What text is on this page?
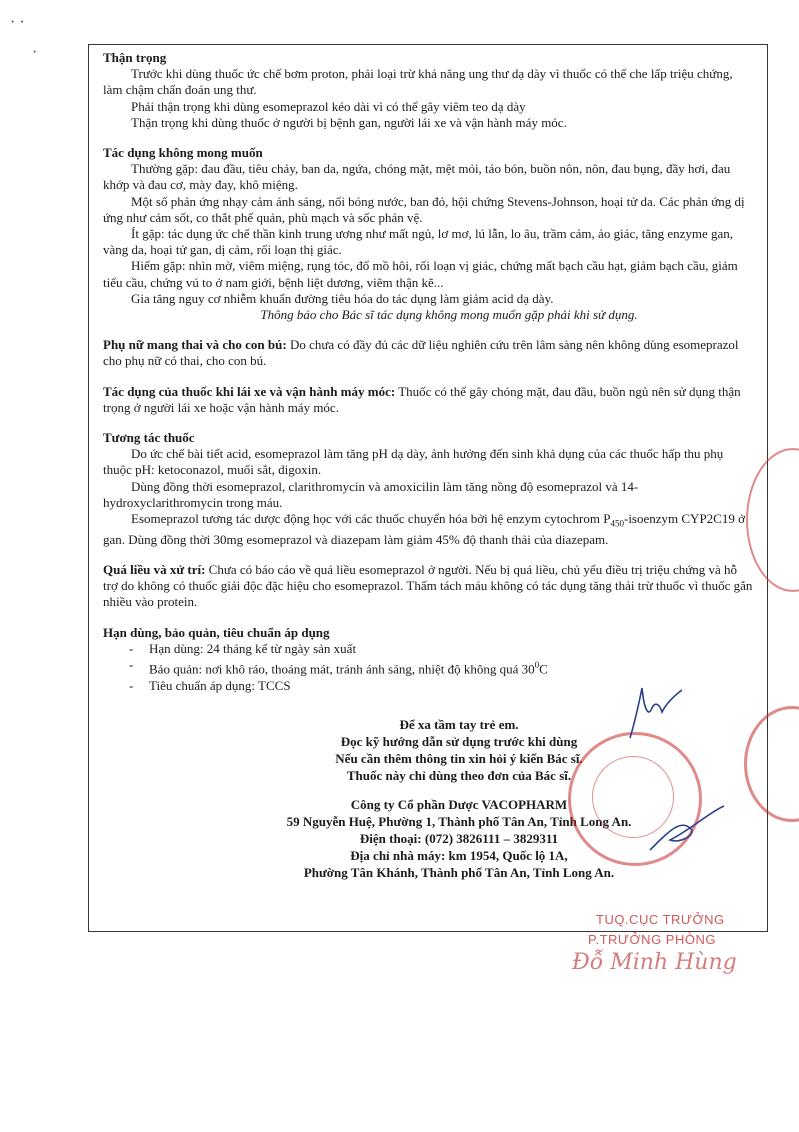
· ·
·	Thận trọng

Trước khi dùng thuốc ức chế bơm proton, phải loại trừ khả năng ung thư dạ dày vì thuốc có thể che lấp triệu chứng, làm chậm chẩn đoán ung thư.

Phải thận trọng khi dùng esomeprazol kéo dài vì có thể gây viêm teo dạ dày

Thận trọng khi dùng thuốc ở người bị bệnh gan, người lái xe và vận hành máy móc.

Tác dụng không mong muốn

Thường gặp: đau đầu, tiêu chảy, ban da, ngứa, chóng mặt, mệt mỏi, táo bón, buồn nôn, nôn, đau bụng, đầy hơi, đau khớp và đau cơ, mày đay, khô miệng.

Một số phản ứng nhạy cảm ánh sáng, nổi bóng nước, ban đỏ, hội chứng Stevens-Johnson, hoại tử da. Các phản ứng dị ứng như cảm sốt, co thắt phế quản, phù mạch và sốc phản vệ.

Ít gặp: tác dụng ức chế thần kinh trung ương như mất ngủ, lơ mơ, lú lẫn, lo âu, trầm cảm, ảo giác, tăng enzyme gan, vàng da, hoại tử gan, dị cảm, rối loạn thị giác.

Hiếm gặp: nhìn mờ, viêm miệng, rụng tóc, đổ mồ hôi, rối loạn vị giác, chứng mất bạch cầu hạt, giảm bạch cầu, giảm tiểu cầu, chứng vú to ở nam giới, bệnh liệt dương, viêm thận kẽ...

Gia tăng nguy cơ nhiễm khuẩn đường tiêu hóa do tác dụng làm giảm acid dạ dày.

Thông báo cho Bác sĩ tác dụng không mong muốn gặp phải khi sử dụng.

Phụ nữ mang thai và cho con bú: Do chưa có đầy đủ các dữ liệu nghiên cứu trên lâm sàng nên không dùng esomeprazol cho phụ nữ có thai, cho con bú.

Tác dụng của thuốc khi lái xe và vận hành máy móc: Thuốc có thể gây chóng mặt, đau đầu, buồn ngủ nên sử dụng thận trọng ở người lái xe hoặc vận hành máy móc.

Tương tác thuốc

Do ức chế bài tiết acid, esomeprazol làm tăng pH dạ dày, ảnh hưởng đến sinh khả dụng của các thuốc hấp thu phụ thuộc pH: ketoconazol, muối sắt, digoxin.

Dùng đồng thời esomeprazol, clarithromycin và amoxicilin làm tăng nồng độ esomeprazol và 14-hydroxyclarithromycin trong máu.

Esomeprazol tương tác dược động học với các thuốc chuyển hóa bởi hệ enzym cytochrom $P_{450}$-isoenzym CYP2C19 ở gan. Dùng đồng thời 30mg esomeprazol và diazepam làm giảm 45% độ thanh thải của diazepam.

Quá liều và xử trí: Chưa có báo cáo về quá liều esomeprazol ở người. Nếu bị quá liều, chủ yếu điều trị triệu chứng và hỗ trợ do không có thuốc giải độc đặc hiệu cho esomeprazol. Thẩm tách máu không có tác dụng tăng thải trừ thuốc vì thuốc gắn nhiều vào protein.

Hạn dùng, bảo quản, tiêu chuẩn áp dụng

- Hạn dùng: 24 tháng kể từ ngày sản xuất
- Bảo quản: nơi khô ráo, thoáng mát, tránh ánh sáng, nhiệt độ không quá $30^0C$
- Tiêu chuẩn áp dụng: TCCS

Để xa tầm tay trẻ em.

Đọc kỹ hướng dẫn sử dụng trước khi dùng

Nếu cần thêm thông tin xin hỏi ý kiến Bác sĩ.

Thuốc này chỉ dùng theo đơn của Bác sĩ.

Công ty Cổ phần Dược VACOPHARM

59 Nguyễn Huệ, Phường 1, Thành phố Tân An, Tỉnh Long An.

Điện thoại: (072) 3826111 – 3829311

Địa chỉ nhà máy: km 1954, Quốc lộ 1A,

Phường Tân Khánh, Thành phố Tân An, Tỉnh Long An.

TUQ.CỤC TRƯỞNG
P.TRƯỞNG PHÒNG
Đỗ Minh Hùng
